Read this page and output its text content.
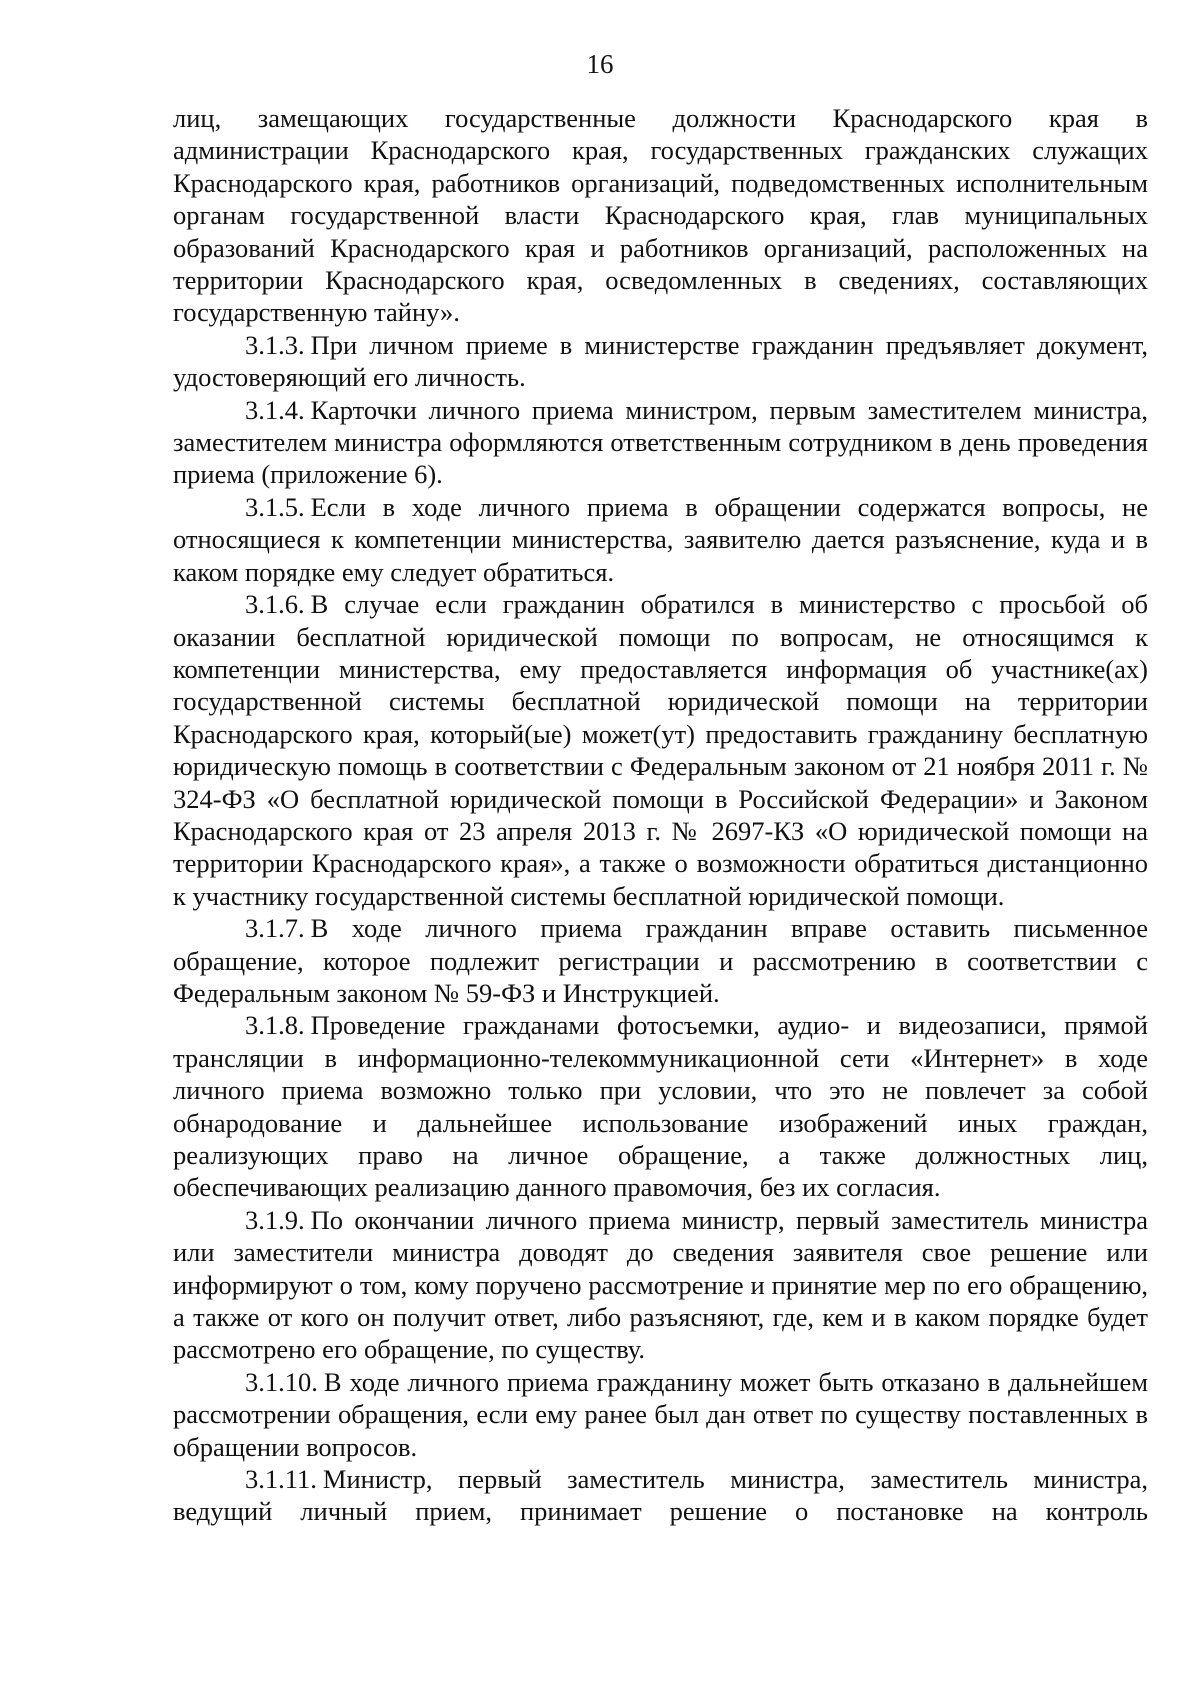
16

лиц, замещающих государственные должности Краснодарского края в администрации Краснодарского края, государственных гражданских служащих Краснодарского края, работников организаций, подведомственных исполнительным органам государственной власти Краснодарского края, глав муниципальных образований Краснодарского края и работников организаций, расположенных на территории Краснодарского края, осведомленных в сведениях, составляющих государственную тайну».

3.1.3. При личном приеме в министерстве гражданин предъявляет документ, удостоверяющий его личность.

3.1.4. Карточки личного приема министром, первым заместителем министра, заместителем министра оформляются ответственным сотрудником в день проведения приема (приложение 6).

3.1.5. Если в ходе личного приема в обращении содержатся вопросы, не относящиеся к компетенции министерства, заявителю дается разъяснение, куда и в каком порядке ему следует обратиться.

3.1.6. В случае если гражданин обратился в министерство с просьбой об оказании бесплатной юридической помощи по вопросам, не относящимся к компетенции министерства, ему предоставляется информация об участнике(ах) государственной системы бесплатной юридической помощи на территории Краснодарского края, который(ые) может(ут) предоставить гражданину бесплатную юридическую помощь в соответствии с Федеральным законом от 21 ноября 2011 г. № 324-ФЗ «О бесплатной юридической помощи в Российской Федерации» и Законом Краснодарского края от 23 апреля 2013 г. № 2697-КЗ «О юридической помощи на территории Краснодарского края», а также о возможности обратиться дистанционно к участнику государственной системы бесплатной юридической помощи.

3.1.7. В ходе личного приема гражданин вправе оставить письменное обращение, которое подлежит регистрации и рассмотрению в соответствии с Федеральным законом № 59-ФЗ и Инструкцией.

3.1.8. Проведение гражданами фотосъемки, аудио- и видеозаписи, прямой трансляции в информационно-телекоммуникационной сети «Интернет» в ходе личного приема возможно только при условии, что это не повлечет за собой обнародование и дальнейшее использование изображений иных граждан, реализующих право на личное обращение, а также должностных лиц, обеспечивающих реализацию данного правомочия, без их согласия.

3.1.9. По окончании личного приема министр, первый заместитель министра или заместители министра доводят до сведения заявителя свое решение или информируют о том, кому поручено рассмотрение и принятие мер по его обращению, а также от кого он получит ответ, либо разъясняют, где, кем и в каком порядке будет рассмотрено его обращение, по существу.

3.1.10. В ходе личного приема гражданину может быть отказано в дальнейшем рассмотрении обращения, если ему ранее был дан ответ по существу поставленных в обращении вопросов.

3.1.11. Министр, первый заместитель министра, заместитель министра, ведущий личный прием, принимает решение о постановке на контроль
